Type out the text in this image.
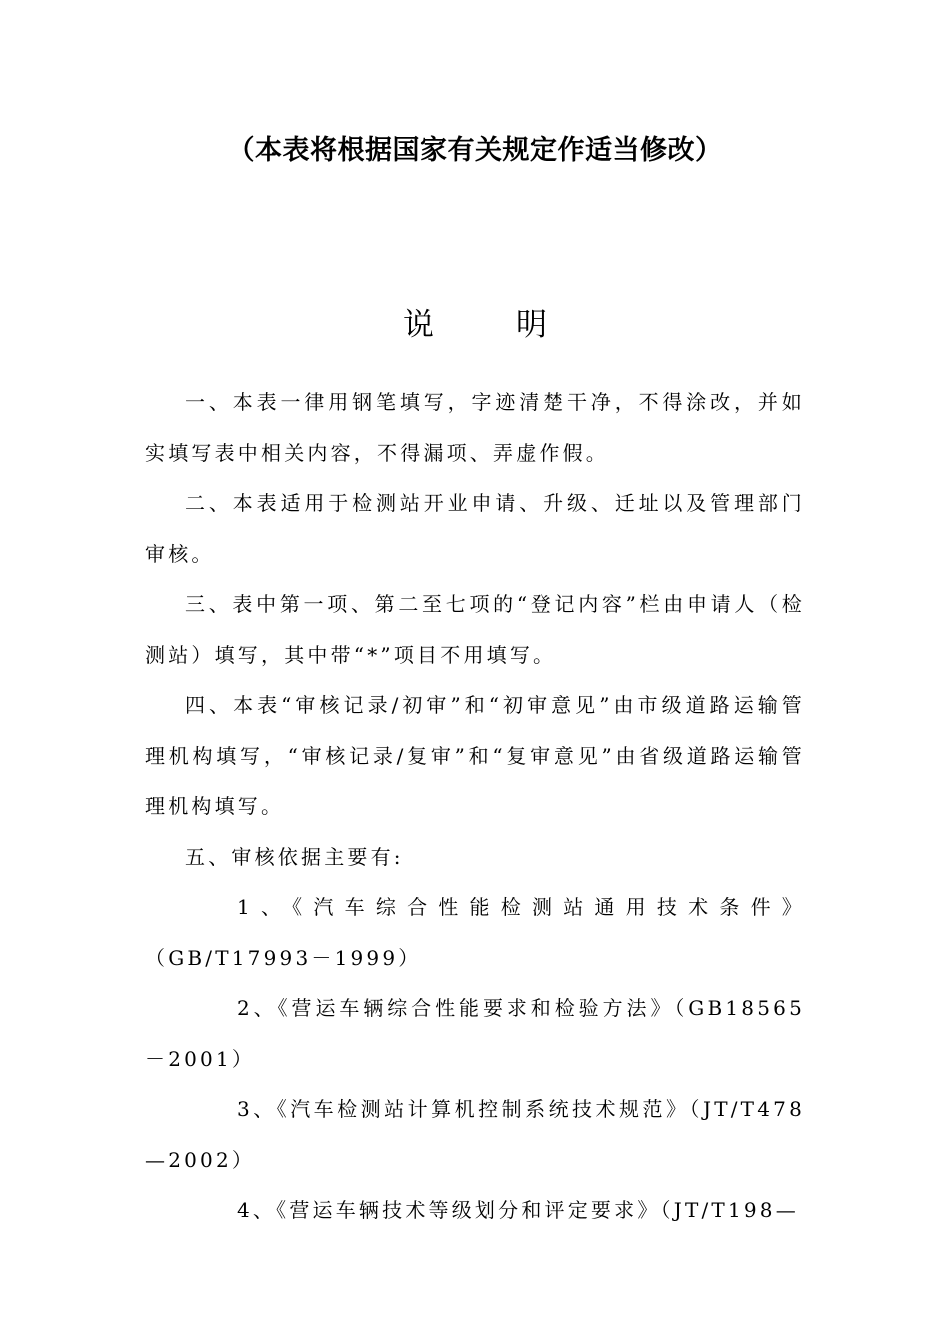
（本表将根据国家有关规定作适当修改）
说	明

一、本表一律用钢笔填写，字迹清楚干净，不得涂改，并如实填写表中相关内容，不得漏项、弄虚作假。

二、本表适用于检测站开业申请、升级、迁址以及管理部门审核。

三、表中第一项、第二至七项的“登记内容”栏由申请人（检测站）填写，其中带“*”项目不用填写。

四、本表“审核记录/初审”和“初审意见”由市级道路运输管理机构填写，“审核记录/复审”和“复审意见”由省级道路运输管理机构填写。

五、审核依据主要有:

1、《汽车综合性能检测站通用技术条件》（GB/T17993－1999）

2、《营运车辆综合性能要求和检验方法》（GB18565－2001）

3、《汽车检测站计算机控制系统技术规范》（JT/T478—2002）

4、《营运车辆技术等级划分和评定要求》（JT/T198—
